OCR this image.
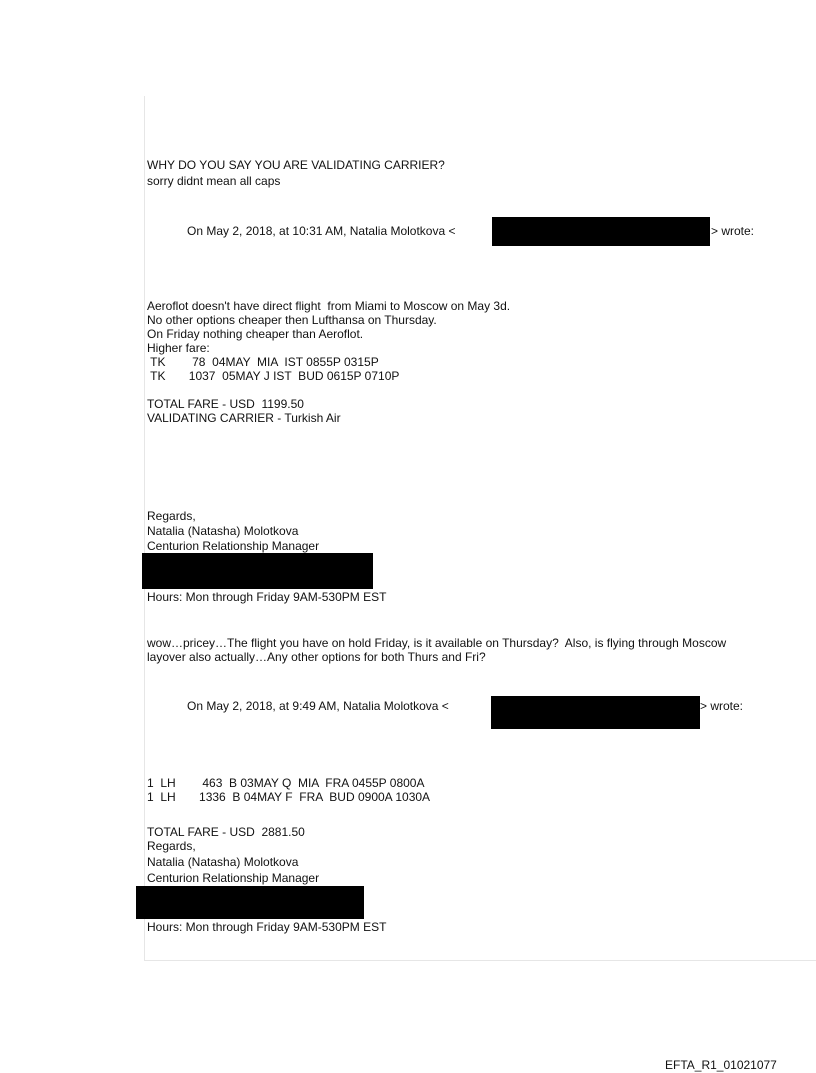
WHY DO YOU SAY YOU ARE VALIDATING CARRIER?
sorry didnt mean all caps
On May 2, 2018, at 10:31 AM, Natalia Molotkova <	> wrote:
Aeroflot doesn't have direct flight  from Miami to Moscow on May 3d.
No other options cheaper then Lufthansa on Thursday.
On Friday nothing cheaper than Aeroflot.
Higher fare:
TK        78  04MAY  MIA  IST 0855P 0315P
TK       1037  05MAY J IST  BUD 0615P 0710P
TOTAL FARE - USD  1199.50
VALIDATING CARRIER - Turkish Air
Regards,
Natalia (Natasha) Molotkova
Centurion Relationship Manager
Hours: Mon through Friday 9AM-530PM EST
wow…pricey…The flight you have on hold Friday, is it available on Thursday?  Also, is flying through Moscow
layover also actually…Any other options for both Thurs and Fri?
On May 2, 2018, at 9:49 AM, Natalia Molotkova <	> wrote:
1  LH        463  B 03MAY Q  MIA  FRA 0455P 0800A
1  LH       1336  B 04MAY F  FRA  BUD 0900A 1030A
TOTAL FARE - USD  2881.50
Regards,
Natalia (Natasha) Molotkova
Centurion Relationship Manager
Hours: Mon through Friday 9AM-530PM EST
EFTA_R1_01021077
